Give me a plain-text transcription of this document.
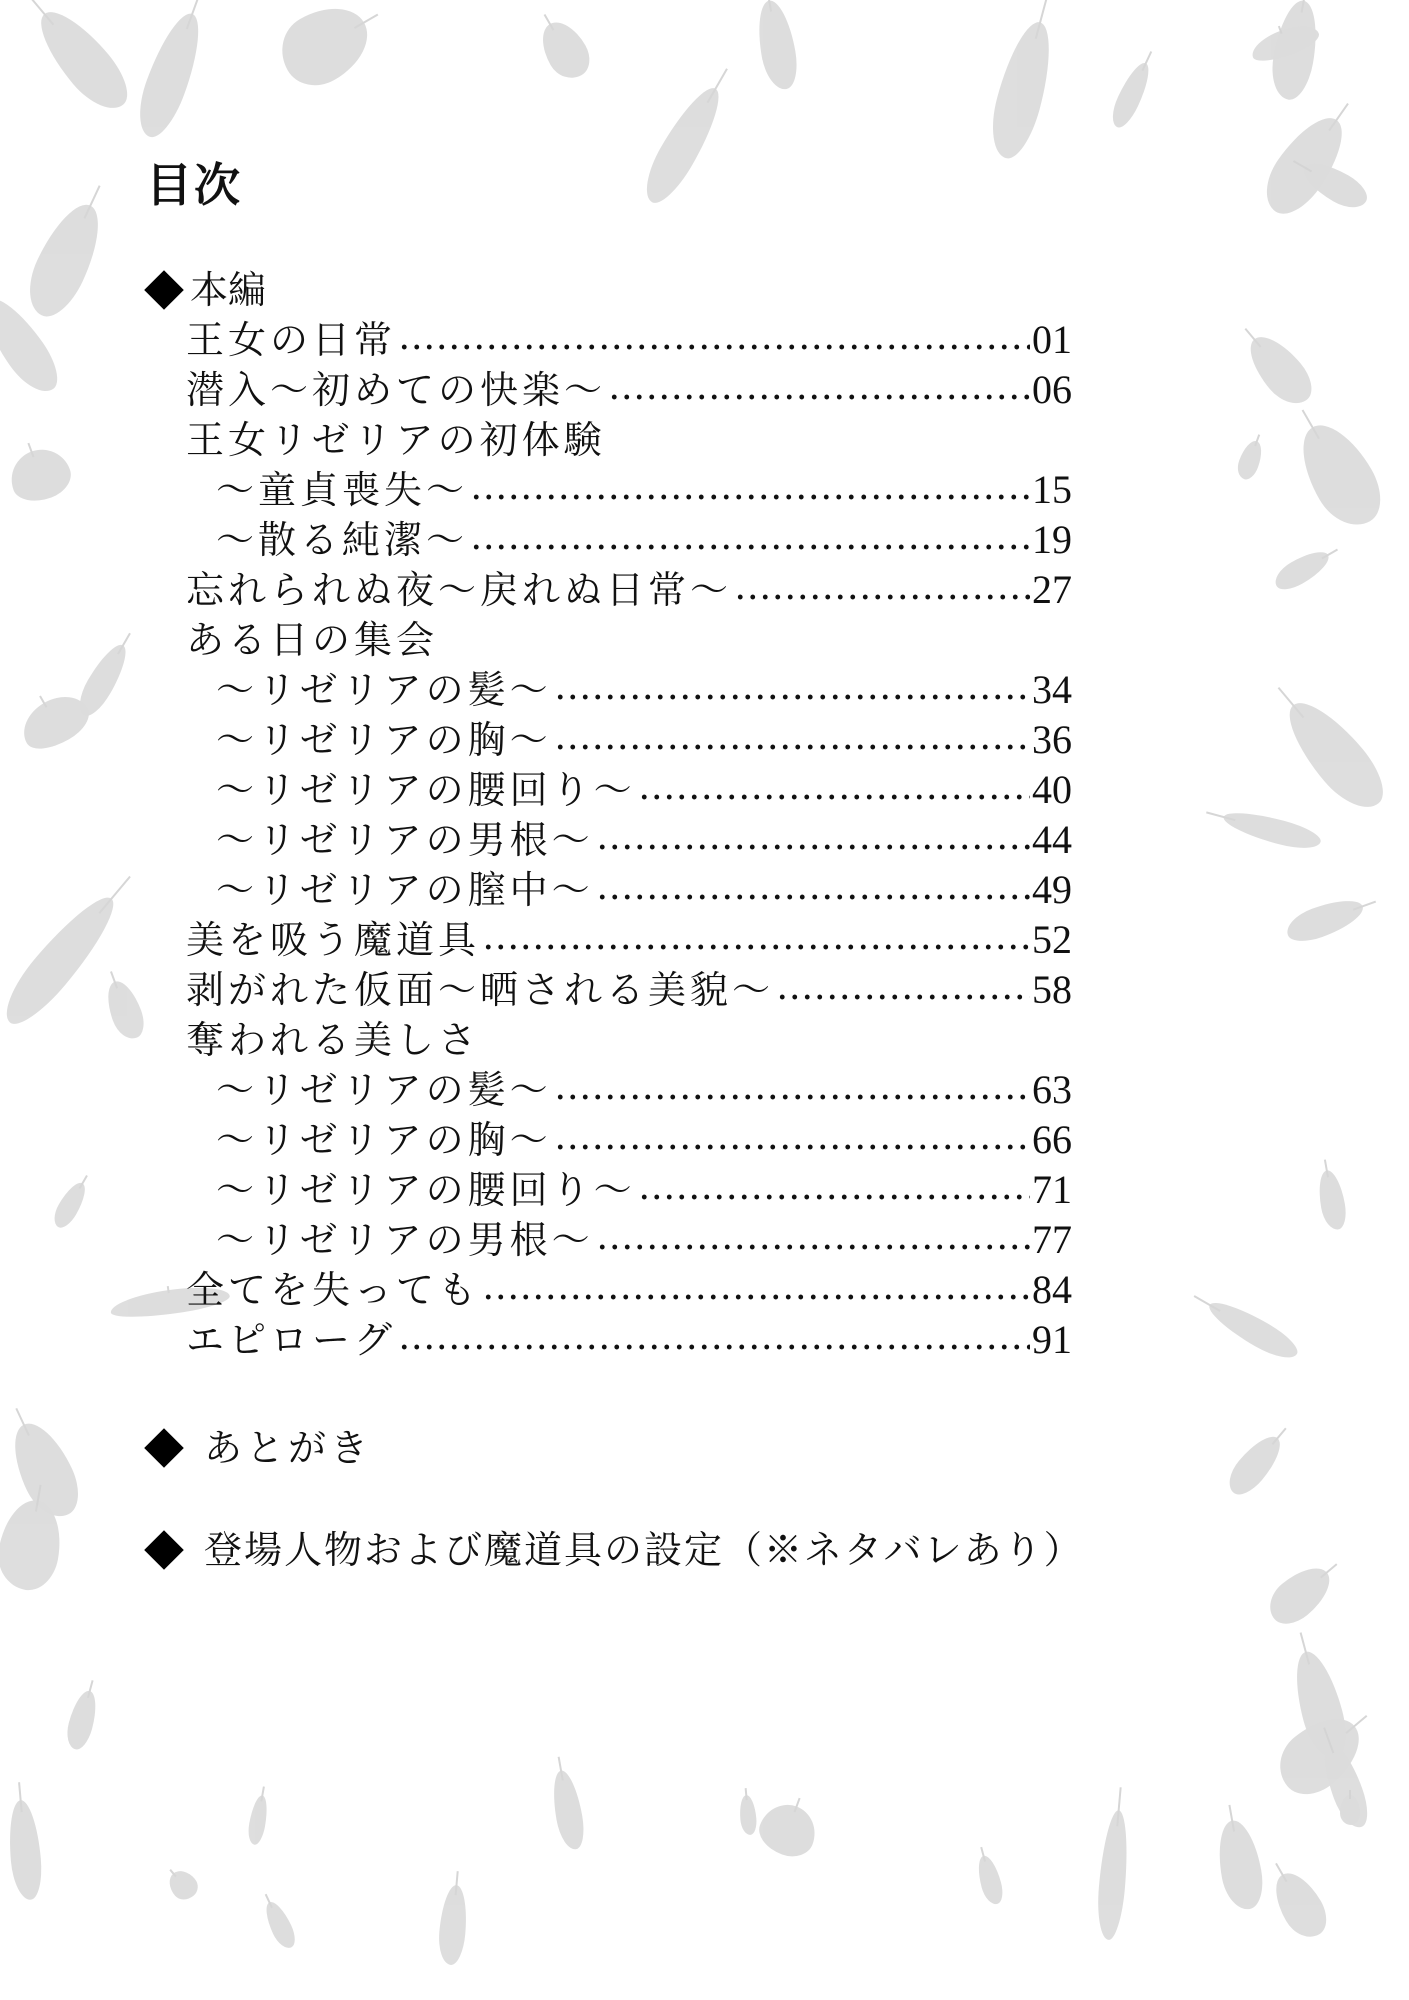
目次
本編
王女の日常	01
潜入〜初めての快楽〜	06
王女リゼリアの初体験
〜童貞喪失〜	15
〜散る純潔〜	19
忘れられぬ夜〜戻れぬ日常〜	27
ある日の集会
〜リゼリアの髪〜	34
〜リゼリアの胸〜	36
〜リゼリアの腰回り〜	40
〜リゼリアの男根〜	44
〜リゼリアの膣中〜	49
美を吸う魔道具	52
剥がれた仮面〜晒される美貌〜	58
奪われる美しさ
〜リゼリアの髪〜	63
〜リゼリアの胸〜	66
〜リゼリアの腰回り〜	71
〜リゼリアの男根〜	77
全てを失っても	84
エピローグ	91
あとがき
登場人物および魔道具の設定（※ネタバレあり）
